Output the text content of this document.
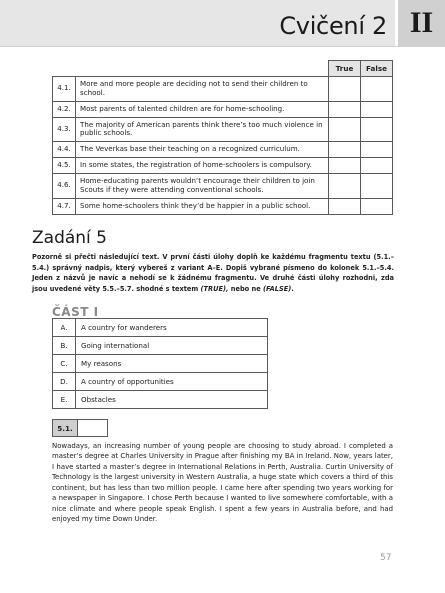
Cvičení 2 II
		True	False
4.1.	More and more people are deciding not to send their children to school.		
4.2.	Most parents of talented children are for home-schooling.		
4.3.	The majority of American parents think there’s too much violence in public schools.		
4.4.	The Veverkas base their teaching on a recognized curriculum.		
4.5.	In some states, the registration of home-schoolers is compulsory.		
4.6.	Home-educating parents wouldn’t encourage their children to join Scouts if they were attending conventional schools.		
4.7.	Some home-schoolers think they’d be happier in a public school.		
Zadání 5

Pozorně si přečti následující text. V první části úlohy doplň ke každému fragmentu textu (5.1.–5.4.) správný nadpis, který vybereš z variant A–E. Dopiš vybrané písmeno do kolonek 5.1.–5.4. Jeden z názvů je navíc a nehodí se k žádnému fragmentu. Ve druhé části úlohy rozhodni, zda jsou uvedené věty 5.5.–5.7. shodné s textem (TRUE), nebo ne (FALSE).

ČÁST I
A.	A country for wanderers
B.	Going international
C.	My reasons
D.	A country of opportunities
E.	Obstacles
5.1.

Nowadays, an increasing number of young people are choosing to study abroad. I completed a master’s degree at Charles University in Prague after finishing my BA in Ireland. Now, years later, I have started a master’s degree in International Relations in Perth, Australia. Curtin University of Technology is the largest university in Western Australia, a huge state which covers a third of this continent, but has less than two million people. I came here after spending two years working for a newspaper in Singapore. I chose Perth because I wanted to live somewhere comfortable, with a nice climate and where people speak English. I spent a few years in Australia before, and had enjoyed my time Down Under.

57
